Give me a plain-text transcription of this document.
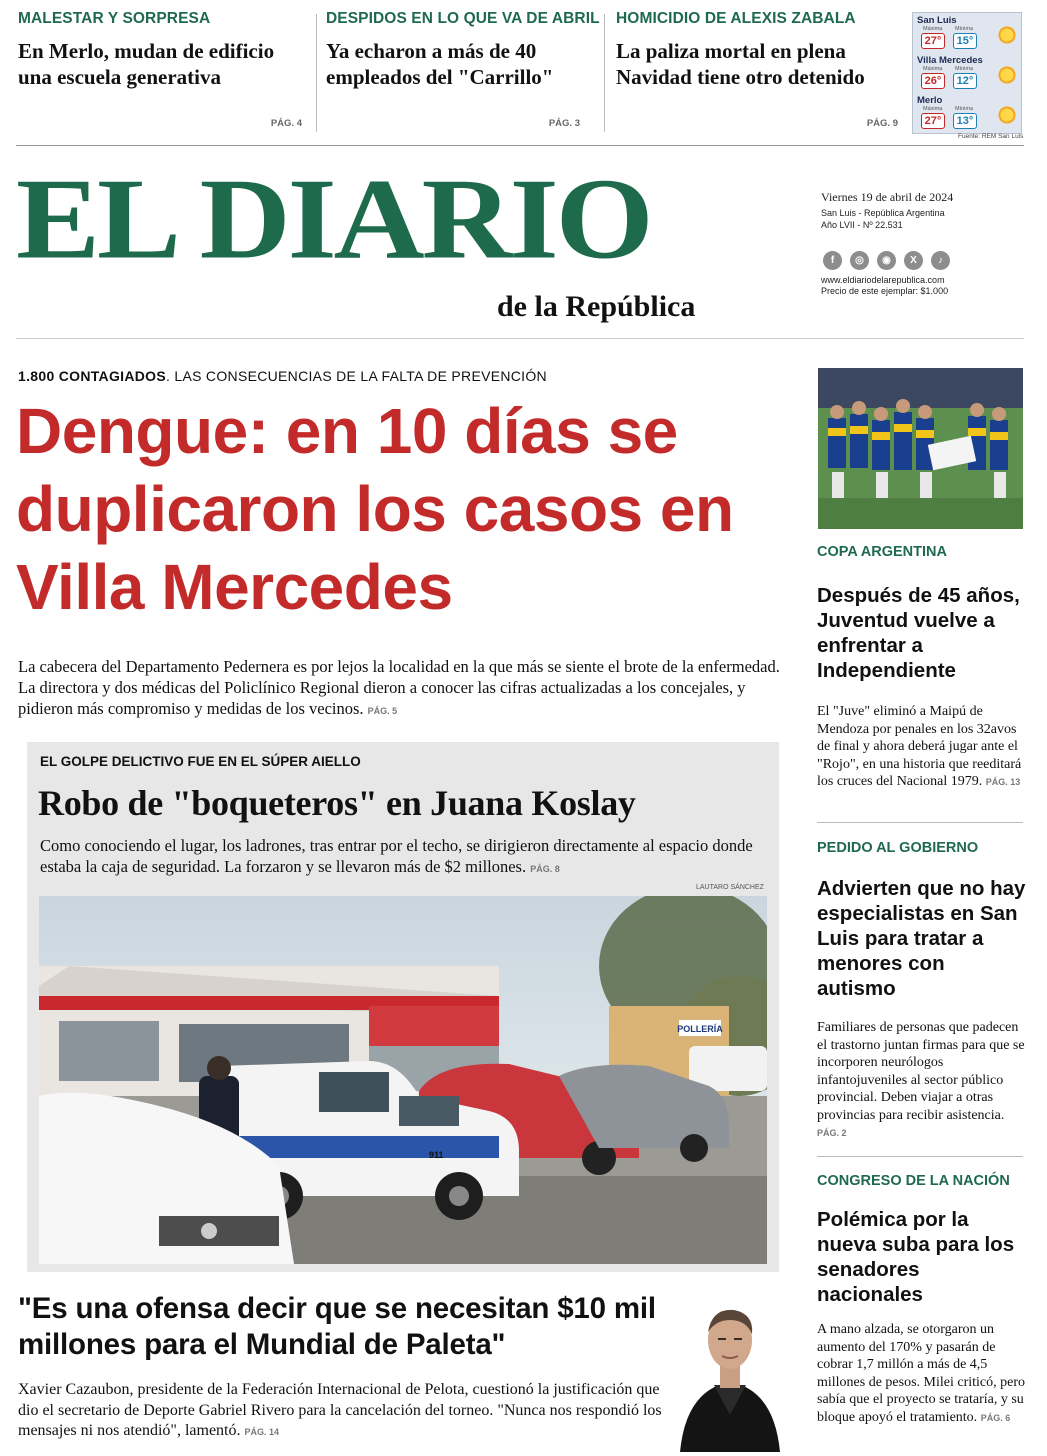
MALESTAR Y SORPRESA
En Merlo, mudan de edificio una escuela generativa
PÁG. 4
DESPIDOS EN LO QUE VA DE ABRIL
Ya echaron a más de 40 empleados del "Carrillo"
PÁG. 3
HOMICIDIO DE ALEXIS ZABALA
La paliza mortal en plena Navidad tiene otro detenido
PÁG. 9
San Luis
Máxima Mínima
27°	15°
Villa Mercedes
Máxima Mínima
26°	12°
Merlo
Máxima Mínima
27°	13°
Fuente: REM San Luis
EL DIARIO
de la República
Viernes 19 de abril de 2024
San Luis - República Argentina
Año LVII - Nº 22.531
f	◎	◉	X	♪
www.eldiariodelarepublica.com
Precio de este ejemplar: $1.000
1.800 CONTAGIADOS. LAS CONSECUENCIAS DE LA FALTA DE PREVENCIÓN
Dengue: en 10 días se duplicaron los casos en Villa Mercedes
La cabecera del Departamento Pedernera es por lejos la localidad en la que más se siente el brote de la enfermedad. La directora y dos médicas del Policlínico Regional dieron a conocer las cifras actualizadas a los concejales, y pidieron más compromiso y medidas de los vecinos. PÁG. 5
EL GOLPE DELICTIVO FUE EN EL SÚPER AIELLO
Robo de "boqueteros" en Juana Koslay
Como conociendo el lugar, los ladrones, tras entrar por el techo, se dirigieron directamente al espacio donde estaba la caja de seguridad. La forzaron y se llevaron más de $2 millones. PÁG. 8
LAUTARO SÁNCHEZ
POLLERÍA
911
"Es una ofensa decir que se necesitan $10 mil millones para el Mundial de Paleta"
Xavier Cazaubon, presidente de la Federación Internacional de Pelota, cuestionó la justificación que dio el secretario de Deporte Gabriel Rivero para la cancelación del torneo. "Nunca nos respondió los mensajes ni nos atendió", lamentó. PÁG. 14
COPA ARGENTINA
Después de 45 años, Juventud vuelve a enfrentar a Independiente
El "Juve" eliminó a Maipú de Mendoza por penales en los 32avos de final y ahora deberá jugar ante el "Rojo", en una historia que reeditará los cruces del Nacional 1979. PÁG. 13
PEDIDO AL GOBIERNO
Advierten que no hay especialistas en San Luis para tratar a menores con autismo
Familiares de personas que padecen el trastorno juntan firmas para que se incorporen neurólogos infantojuveniles al sector público provincial. Deben viajar a otras provincias para recibir asistencia. PÁG. 2
CONGRESO DE LA NACIÓN
Polémica por la nueva suba para los senadores nacionales
A mano alzada, se otorgaron un aumento del 170% y pasarán de cobrar 1,7 millón a más de 4,5 millones de pesos. Milei criticó, pero sabía que el proyecto se trataría, y su bloque apoyó el tratamiento. PÁG. 6
